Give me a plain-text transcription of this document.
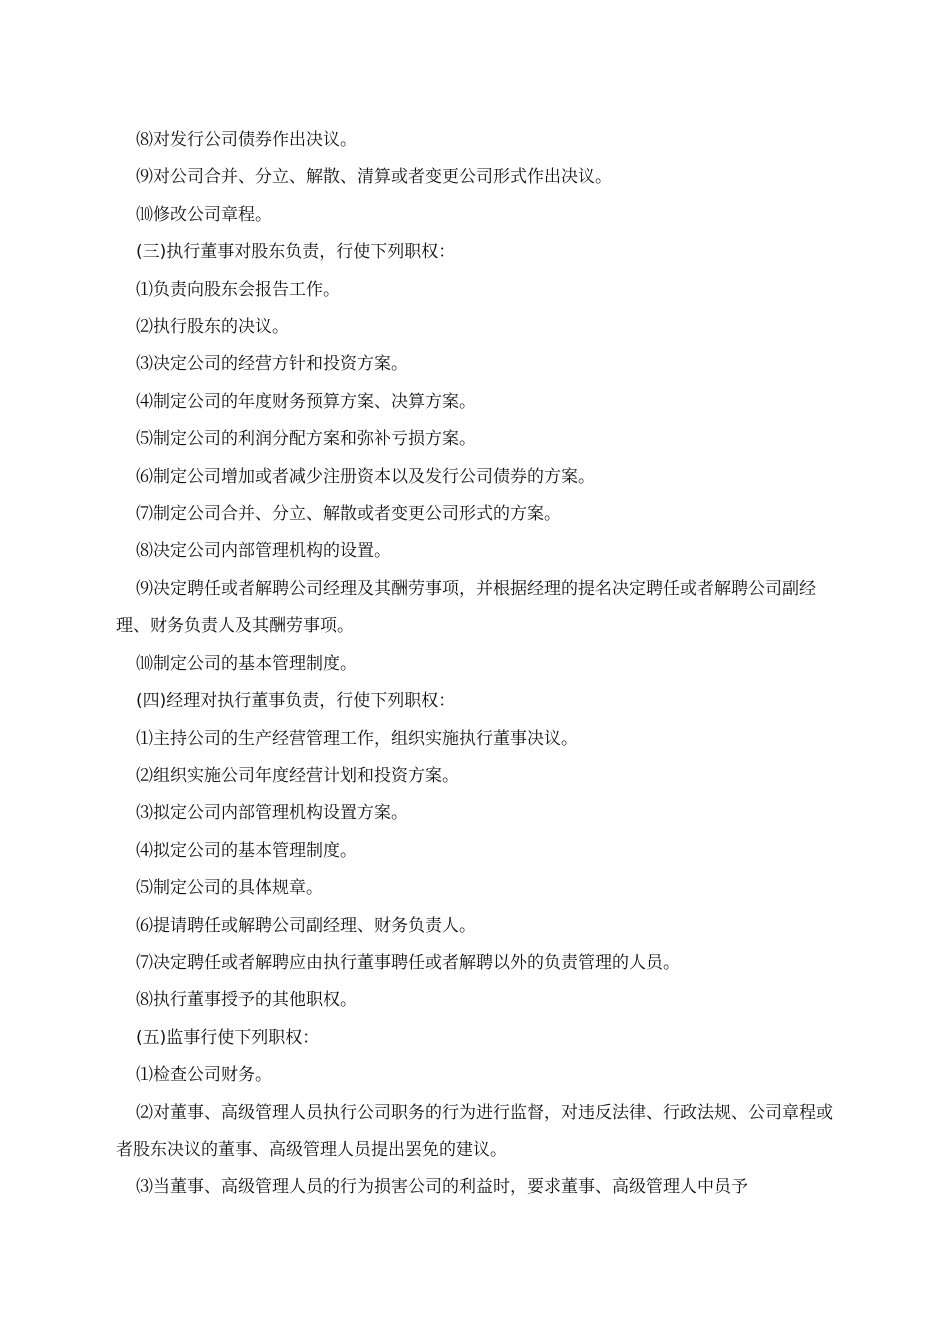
⑻对发行公司债券作出决议。

⑼对公司合并、分立、解散、清算或者变更公司形式作出决议。

⑽修改公司章程。

(三)执行董事对股东负责，行使下列职权：

⑴负责向股东会报告工作。

⑵执行股东的决议。

⑶决定公司的经营方针和投资方案。

⑷制定公司的年度财务预算方案、决算方案。

⑸制定公司的利润分配方案和弥补亏损方案。

⑹制定公司增加或者减少注册资本以及发行公司债券的方案。

⑺制定公司合并、分立、解散或者变更公司形式的方案。

⑻决定公司内部管理机构的设置。

⑼决定聘任或者解聘公司经理及其酬劳事项，并根据经理的提名决定聘任或者解聘公司副经理、财务负责人及其酬劳事项。

⑽制定公司的基本管理制度。

(四)经理对执行董事负责，行使下列职权：

⑴主持公司的生产经营管理工作，组织实施执行董事决议。

⑵组织实施公司年度经营计划和投资方案。

⑶拟定公司内部管理机构设置方案。

⑷拟定公司的基本管理制度。

⑸制定公司的具体规章。

⑹提请聘任或解聘公司副经理、财务负责人。

⑺决定聘任或者解聘应由执行董事聘任或者解聘以外的负责管理的人员。

⑻执行董事授予的其他职权。

(五)监事行使下列职权：

⑴检查公司财务。

⑵对董事、高级管理人员执行公司职务的行为进行监督，对违反法律、行政法规、公司章程或者股东决议的董事、高级管理人员提出罢免的建议。

⑶当董事、高级管理人员的行为损害公司的利益时，要求董事、高级管理人中员予
